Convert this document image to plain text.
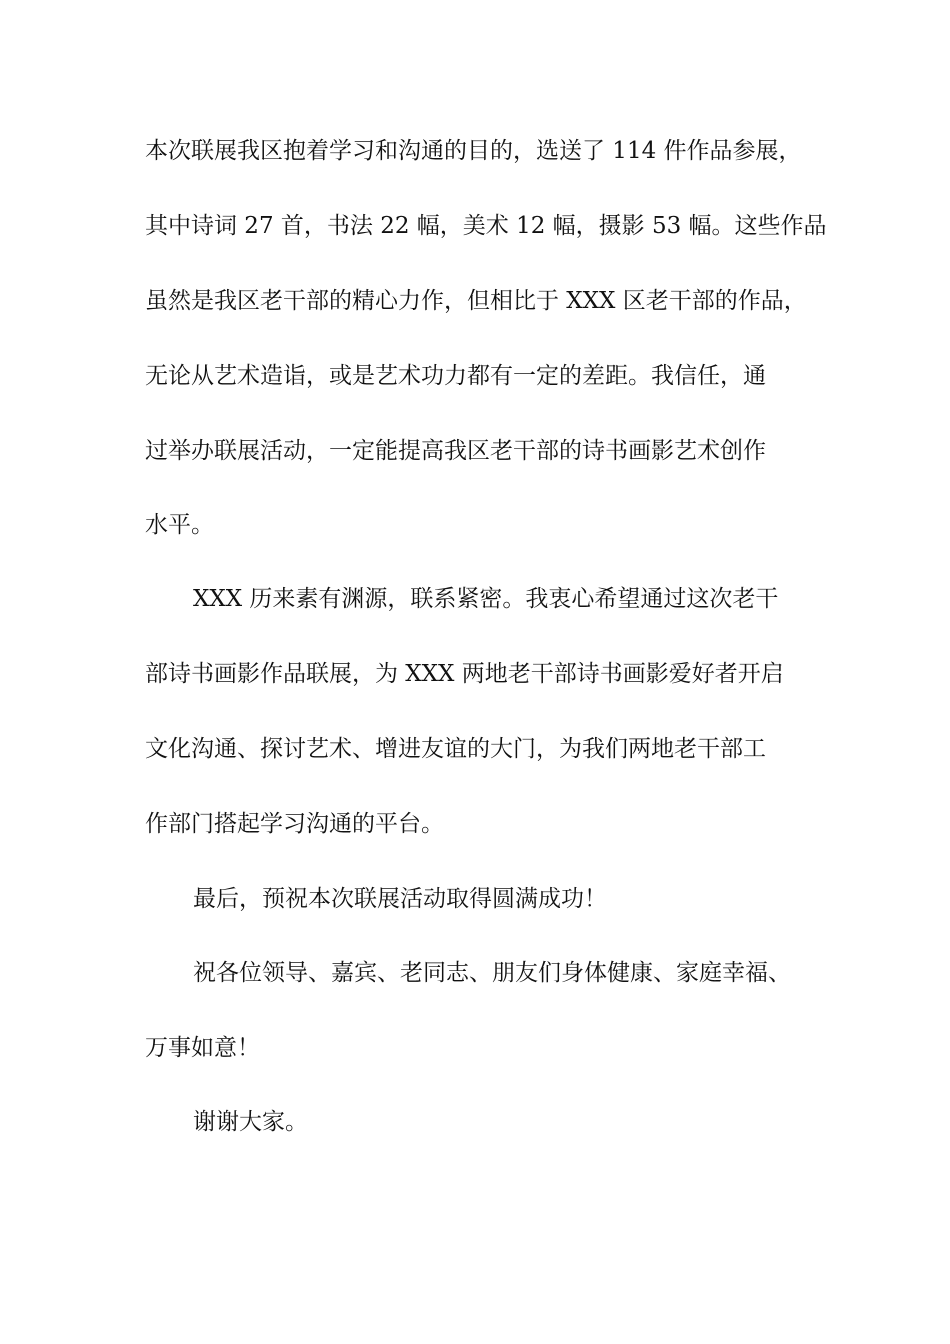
本次联展我区抱着学习和沟通的目的，选送了 114 件作品参展，
其中诗词 27 首，书法 22 幅，美术 12 幅，摄影 53 幅。这些作品
虽然是我区老干部的精心力作，但相比于 XXX 区老干部的作品，
无论从艺术造诣，或是艺术功力都有一定的差距。我信任，通
过举办联展活动，一定能提高我区老干部的诗书画影艺术创作
水平。
XXX 历来素有渊源，联系紧密。我衷心希望通过这次老干
部诗书画影作品联展，为 XXX 两地老干部诗书画影爱好者开启
文化沟通、探讨艺术、增进友谊的大门，为我们两地老干部工
作部门搭起学习沟通的平台。
最后，预祝本次联展活动取得圆满成功！
祝各位领导、嘉宾、老同志、朋友们身体健康、家庭幸福、
万事如意！
谢谢大家。
